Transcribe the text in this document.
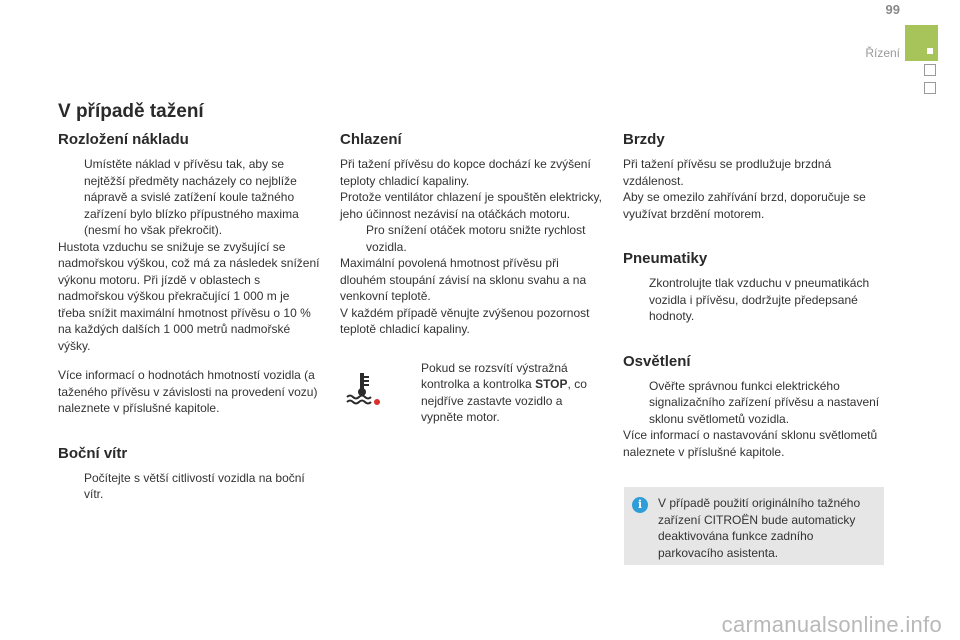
99
Řízení
V případě tažení
Rozložení nákladu
Umístěte náklad v přívěsu tak, aby se nejtěžší předměty nacházely co nejblíže nápravě a svislé zatížení koule tažného zařízení bylo blízko přípustného maxima (nesmí ho však překročit).
Hustota vzduchu se snižuje se zvyšující se nadmořskou výškou, což má za následek snížení výkonu motoru. Při jízdě v oblastech s nadmořskou výškou překračující 1 000 m je třeba snížit maximální hmotnost přívěsu o 10 % na každých dalších 1 000 metrů nadmořské výšky.
Více informací o hodnotách hmotností vozidla (a taženého přívěsu v závislosti na provedení vozu) naleznete v příslušné kapitole.
Boční vítr
Počítejte s větší citlivostí vozidla na boční vítr.
Chlazení
Při tažení přívěsu do kopce dochází ke zvýšení teploty chladicí kapaliny.
Protože ventilátor chlazení je spouštěn elektricky, jeho účinnost nezávisí na otáčkách motoru.
Pro snížení otáček motoru snižte rychlost vozidla.
Maximální povolená hmotnost přívěsu při dlouhém stoupání závisí na sklonu svahu a na venkovní teplotě.
V každém případě věnujte zvýšenou pozornost teplotě chladicí kapaliny.
Pokud se rozsvítí výstražná kontrolka a kontrolka STOP, co nejdříve zastavte vozidlo a vypněte motor.
Brzdy
Při tažení přívěsu se prodlužuje brzdná vzdálenost.
Aby se omezilo zahřívání brzd, doporučuje se využívat brzdění motorem.
Pneumatiky
Zkontrolujte tlak vzduchu v pneumatikách vozidla i přívěsu, dodržujte předepsané hodnoty.
Osvětlení
Ověřte správnou funkci elektrického signalizačního zařízení přívěsu a nastavení sklonu světlometů vozidla.
Více informací o nastavování sklonu světlometů naleznete v příslušné kapitole.
i	V případě použití originálního tažného zařízení CITROËN bude automaticky deaktivována funkce zadního parkovacího asistenta.
carmanualsonline.info
